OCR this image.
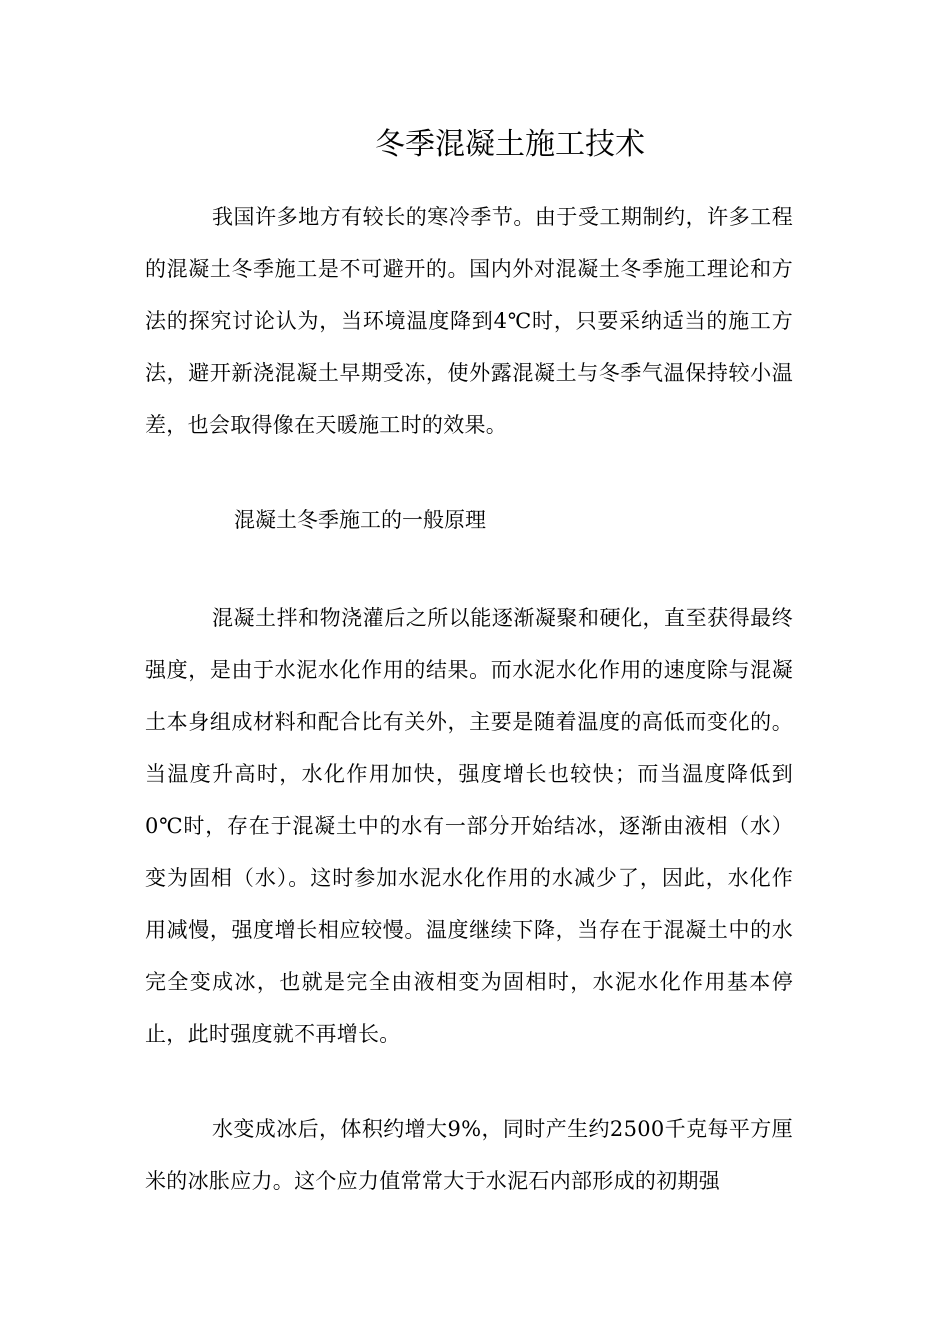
冬季混凝土施工技术

我国许多地方有较长的寒冷季节。由于受工期制约，许多工程的混凝土冬季施工是不可避开的。国内外对混凝土冬季施工理论和方法的探究讨论认为，当环境温度降到4℃时，只要采纳适当的施工方法，避开新浇混凝土早期受冻，使外露混凝土与冬季气温保持较小温差，也会取得像在天暖施工时的效果。

混凝土冬季施工的一般原理

混凝土拌和物浇灌后之所以能逐渐凝聚和硬化，直至获得最终强度，是由于水泥水化作用的结果。而水泥水化作用的速度除与混凝土本身组成材料和配合比有关外，主要是随着温度的高低而变化的。当温度升高时，水化作用加快，强度增长也较快；而当温度降低到0℃时，存在于混凝土中的水有一部分开始结冰，逐渐由液相（水）变为固相（水）。这时参加水泥水化作用的水减少了，因此，水化作用减慢，强度增长相应较慢。温度继续下降，当存在于混凝土中的水完全变成冰，也就是完全由液相变为固相时，水泥水化作用基本停止，此时强度就不再增长。

水变成冰后，体积约增大9%，同时产生约2500千克每平方厘米的冰胀应力。这个应力值常常大于水泥石内部形成的初期强
